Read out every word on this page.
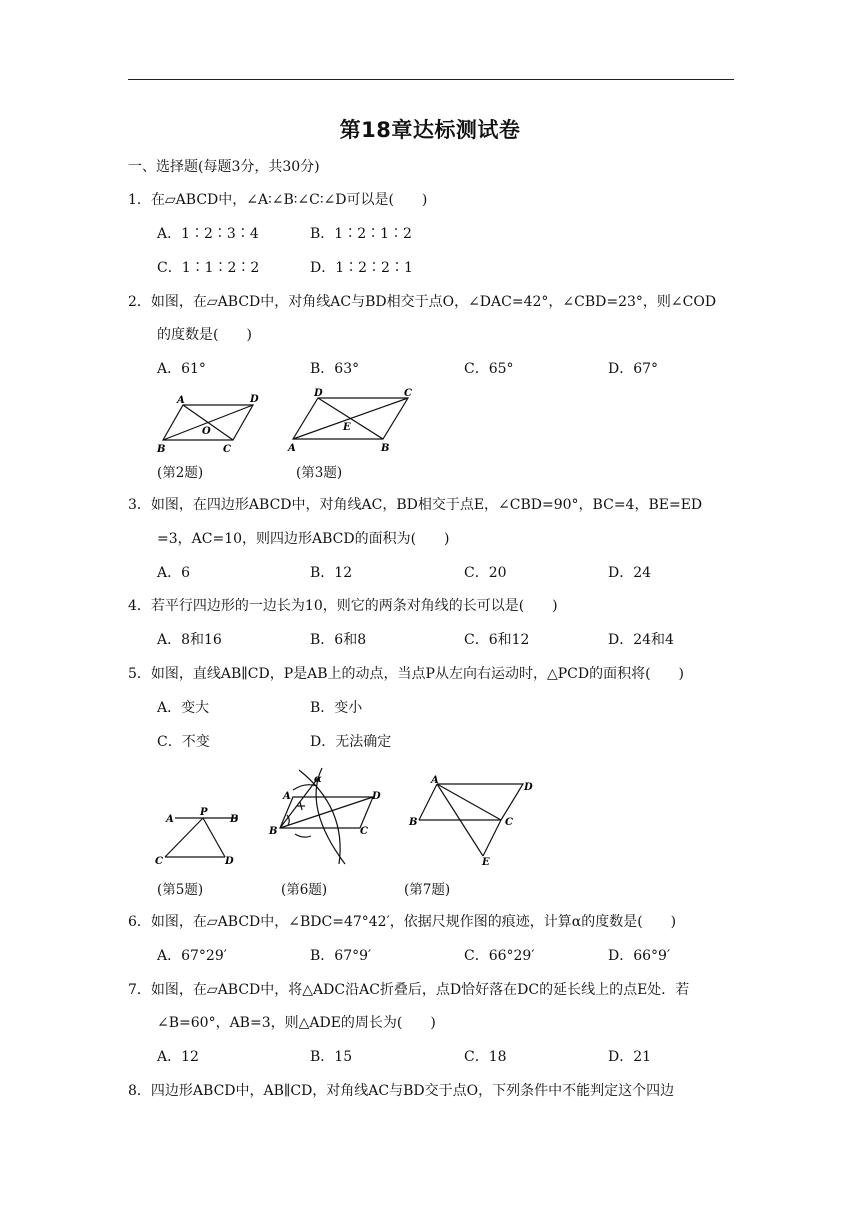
第18章达标测试卷
一、选择题(每题3分，共30分)
1．在▱ABCD中，∠A∶∠B∶∠C∶∠D可以是(　　)
A．1∶2∶3∶4	B．1∶2∶1∶2
C．1∶1∶2∶2	D．1∶2∶2∶1
2．如图，在▱ABCD中，对角线AC与BD相交于点O，∠DAC=42°，∠CBD=23°，则∠COD
的度数是(　　)
A．61°	B．63°	C．65°	D．67°
A	D
O
B	C
(第2题)
D	C
E
A	B
(第3题)
3．如图，在四边形ABCD中，对角线AC，BD相交于点E，∠CBD=90°，BC=4，BE=ED
=3，AC=10，则四边形ABCD的面积为(　　)
A．6	B．12	C．20	D．24
4．若平行四边形的一边长为10，则它的两条对角线的长可以是(　　)
A．8和16	B．6和8	C．6和12	D．24和4
5．如图，直线AB∥CD，P是AB上的动点，当点P从左向右运动时，△PCD的面积将(　　)
A．变大	B．变小
C．不变	D．无法确定
A
P
B
C	D
(第5题)
α
A	D
B	C
(第6题)
A
D
B	C
E
(第7题)
6．如图，在▱ABCD中，∠BDC=47°42′，依据尺规作图的痕迹，计算α的度数是(　　)
A．67°29′	B．67°9′	C．66°29′	D．66°9′
7．如图，在▱ABCD中，将△ADC沿AC折叠后，点D恰好落在DC的延长线上的点E处．若
∠B=60°，AB=3，则△ADE的周长为(　　)
A．12	B．15	C．18	D．21
8．四边形ABCD中，AB∥CD，对角线AC与BD交于点O，下列条件中不能判定这个四边
